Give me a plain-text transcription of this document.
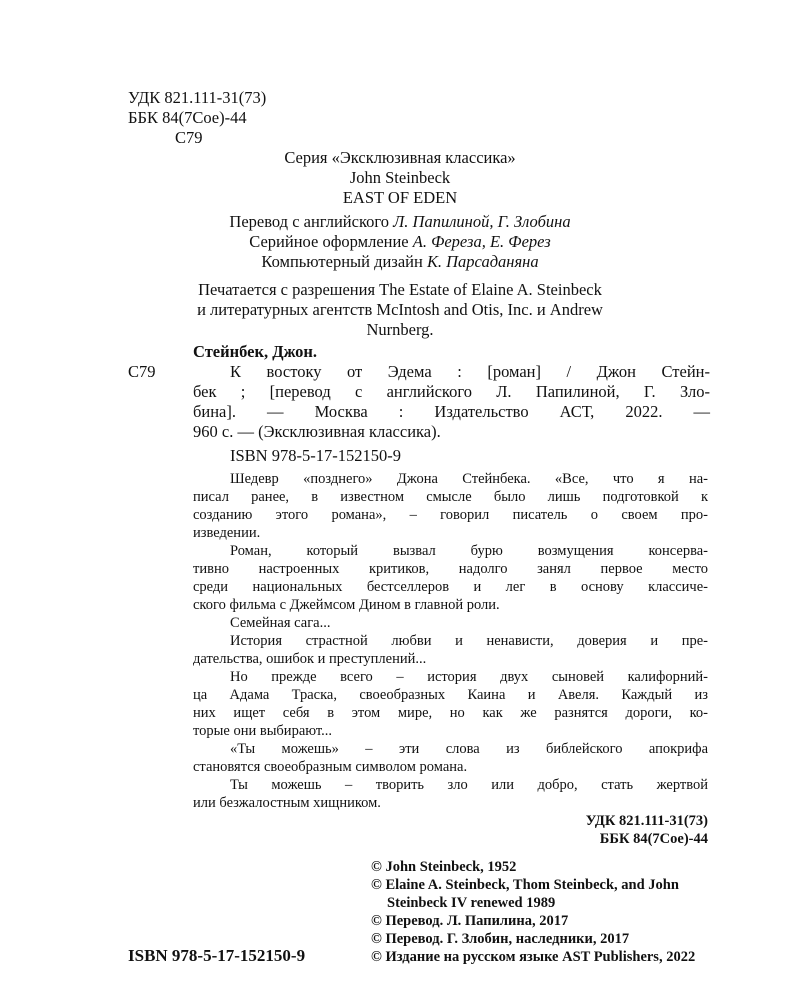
УДК 821.111-31(73)
ББК 84(7Сое)-44
С79
Серия «Эксклюзивная классика»
John Steinbeck
EAST OF EDEN
Перевод с английского Л. Папилиной, Г. Злобина
Серийное оформление А. Фереза, Е. Ферез
Компьютерный дизайн К. Парсаданяна
Печатается с разрешения The Estate of Elaine A. Steinbeck
и литературных агентств McIntosh and Otis, Inc. и Andrew
Nurnberg.
Стейнбек, Джон.
С79	К востоку от Эдема : [роман] / Джон Стейн-
бек ; [перевод с английского Л. Папилиной, Г. Зло-
бина]. — Москва : Издательство АСТ, 2022. —
960 с. — (Эксклюзивная классика).
ISBN 978-5-17-152150-9
Шедевр «позднего» Джона Стейнбека. «Все, что я на-
писал ранее, в известном смысле было лишь подготовкой к
созданию этого романа», – говорил писатель о своем про-
изведении.
Роман, который вызвал бурю возмущения консерва-
тивно настроенных критиков, надолго занял первое место
среди национальных бестселлеров и лег в основу классиче-
ского фильма с Джеймсом Дином в главной роли.
Семейная сага...
История страстной любви и ненависти, доверия и пре-
дательства, ошибок и преступлений...
Но прежде всего – история двух сыновей калифорний-
ца Адама Траска, своеобразных Каина и Авеля. Каждый из
них ищет себя в этом мире, но как же разнятся дороги, ко-
торые они выбирают...
«Ты можешь» – эти слова из библейского апокрифа
становятся своеобразным символом романа.
Ты можешь – творить зло или добро, стать жертвой
или безжалостным хищником.
УДК 821.111-31(73)
ББК 84(7Сое)-44
© John Steinbeck, 1952
© Elaine A. Steinbeck, Thom Steinbeck, and John
Steinbeck IV renewed 1989
© Перевод. Л. Папилина, 2017
© Перевод. Г. Злобин, наследники, 2017
© Издание на русском языке AST Publishers, 2022
ISBN 978-5-17-152150-9
